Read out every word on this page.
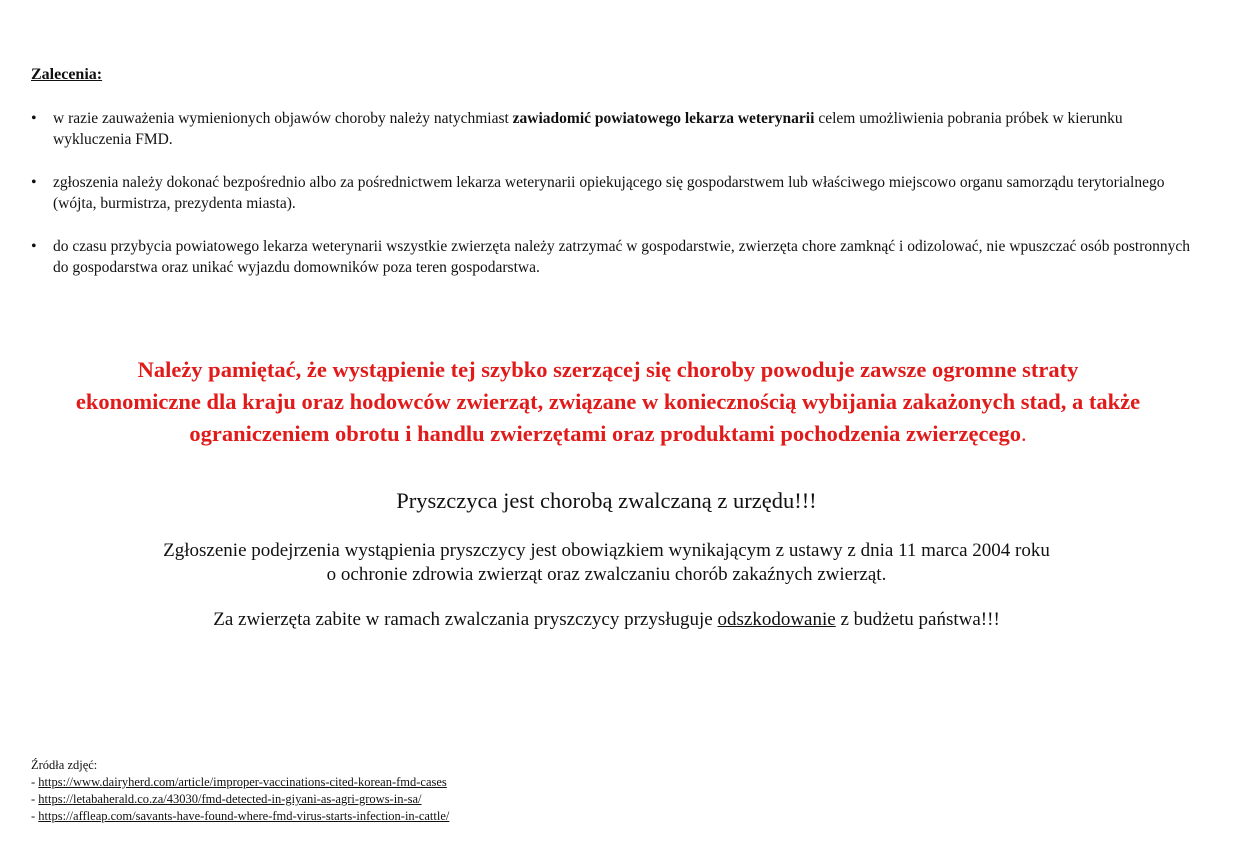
Zalecenia:
• w razie zauważenia wymienionych objawów choroby należy natychmiast zawiadomić powiatowego lekarza weterynarii celem umożliwienia pobrania próbek w kierunku wykluczenia FMD.
• zgłoszenia należy dokonać bezpośrednio albo za pośrednictwem lekarza weterynarii opiekującego się gospodarstwem lub właściwego miejscowo organu samorządu terytorialnego (wójta, burmistrza, prezydenta miasta).
• do czasu przybycia powiatowego lekarza weterynarii wszystkie zwierzęta należy zatrzymać w gospodarstwie, zwierzęta chore zamknąć i odizolować, nie wpuszczać osób postronnych do gospodarstwa oraz unikać wyjazdu domowników poza teren gospodarstwa.
Należy pamiętać, że wystąpienie tej szybko szerzącej się choroby powoduje zawsze ogromne straty
ekonomiczne dla kraju oraz hodowców zwierząt, związane w koniecznością wybijania zakażonych stad, a także
ograniczeniem obrotu i handlu zwierzętami oraz produktami pochodzenia zwierzęcego.
Pryszczyca jest chorobą zwalczaną z urzędu!!!
Zgłoszenie podejrzenia wystąpienia pryszczycy jest obowiązkiem wynikającym z ustawy z dnia 11 marca 2004 roku
o ochronie zdrowia zwierząt oraz zwalczaniu chorób zakaźnych zwierząt.
Za zwierzęta zabite w ramach zwalczania pryszczycy przysługuje odszkodowanie z budżetu państwa!!!
Źródła zdjęć:
- https://www.dairyherd.com/article/improper-vaccinations-cited-korean-fmd-cases
- https://letabaherald.co.za/43030/fmd-detected-in-giyani-as-agri-grows-in-sa/
- https://affleap.com/savants-have-found-where-fmd-virus-starts-infection-in-cattle/
